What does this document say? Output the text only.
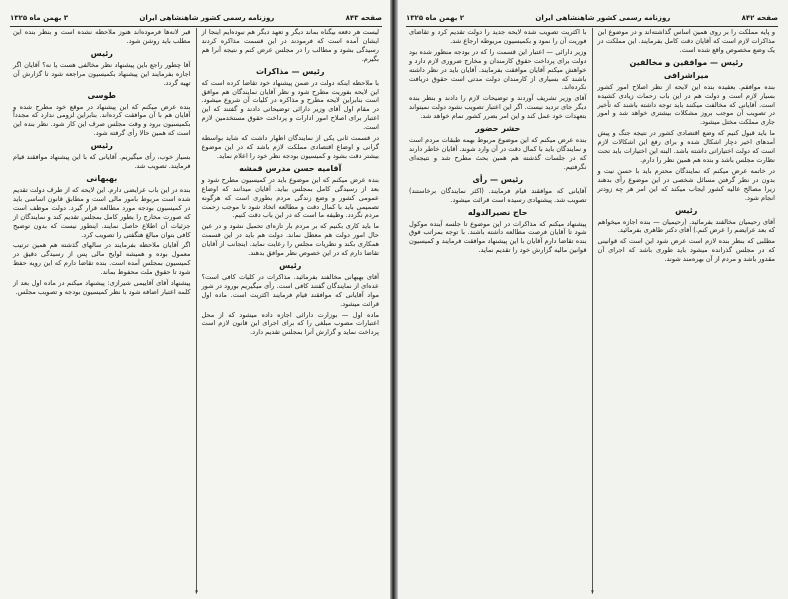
صفحه ۸۴۳
روزنامه رسمی کشور شاهنشاهی ایران
۳ بهمن ماه ۱۳۲۵

لیست هر دفعه بیگناه بماند دیگر و تعهد دیگر هم نبوده‌ایم اینجا از ایشان آمده است که فرمودند در این قسمت مذاکره کردند رسیدگی بشود و مطالب را در مجلس عرض کنم و نتیجه آنرا هم بگیرم.

رئیس — مذاکرات

با ملاحظه اینکه دولت در ضمن پیشنهاد خود تقاضا کرده است که این لایحه بفوریت مطرح شود و نظر آقایان نمایندگان هم موافق است بنابراین لایحه مطرح و مذاکره در کلیات آن شروع میشود. در مقام اول آقای وزیر دارائی توضیحاتی دادند و گفتند که این اعتبار برای اصلاح امور ادارات و پرداخت حقوق مستخدمین لازم است.

در قسمت ثانی یکی از نمایندگان اظهار داشت که شاید بواسطه گرانی و اوضاع اقتصادی مملکت لازم باشد که در این موضوع بیشتر دقت بشود و کمیسیون بودجه نظر خود را اعلام نماید.

آقامیه حسن مدرس قمشه

بنده عرض میکنم که این موضوع باید در کمیسیون مطرح شود و بعد از رسیدگی کامل بمجلس بیاید. آقایان میدانند که اوضاع عمومی کشور و وضع زندگی مردم بطوری است که هرگونه تصمیمی باید با کمال دقت و مطالعه اتخاذ شود تا موجب زحمت مردم نگردد. وظیفه ما است که در این باب دقت کنیم.

ما باید کاری بکنیم که بر مردم بار تازه‌ای تحمیل نشود و در عین حال امور دولت هم معطل نماند. دولت هم باید در این قسمت همکاری بکند و نظریات مجلس را رعایت نماید. اینجانب از آقایان تقاضا دارم که در این خصوص نظر موافق بدهند.

رئیس

آقای بهبهانی مخالفند بفرمائید. مذاکرات در کلیات کافی است؟ عده‌ای از نمایندگان گفتند کافی است. رأی میگیریم بورود در شور مواد آقایانی که موافقند قیام فرمایند اکثریت است. ماده اول قرائت میشود.

ماده اول — بوزارت دارائی اجازه داده میشود که از محل اعتبارات مصوب مبلغی را که برای اجرای این قانون لازم است پرداخت نماید و گزارش آنرا بمجلس تقدیم دارد.

قبر لانه‌ها فرموده‌اند هنوز ملاحظه نشده است و بنظر بنده این مطلب باید روشن شود.

رئیس

آقا چطور راجع باین پیشنهاد نظر مخالفی هست یا نه؟ آقایان اگر اجازه بفرمایند این پیشنهاد بکمیسیون مراجعه شود تا گزارش آن تهیه گردد.

طوسی

بنده عرض میکنم که این پیشنهاد در موقع خود مطرح شده و آقایان هم با آن موافقت کرده‌اند. بنابراین لزومی ندارد که مجدداً بکمیسیون برود و وقت مجلس صرف این کار شود. نظر بنده این است که همین حالا رأی گرفته شود.

رئیس

بسیار خوب، رأی میگیریم. آقایانی که با این پیشنهاد موافقند قیام فرمایند. تصویب شد.

بهبهانی

بنده در این باب عرایضی دارم. این لایحه که از طرف دولت تقدیم شده است مربوط بامور مالی است و مطابق قانون اساسی باید در کمیسیون بودجه مورد مطالعه قرار گیرد. دولت موظف است که صورت مخارج را بطور کامل بمجلس تقدیم کند و نمایندگان از جزئیات آن اطلاع حاصل نمایند. اینطور نیست که بدون توضیح کافی بتوان مبالغ هنگفتی را تصویب کرد.

اگر آقایان ملاحظه بفرمایند در سالهای گذشته هم همین ترتیب معمول بوده و همیشه لوایح مالی پس از رسیدگی دقیق در کمیسیون بمجلس آمده است. بنده تقاضا دارم که این رویه حفظ شود تا حقوق ملت محفوظ بماند.

پیشنهاد آقای آقاییمی شیرازی: پیشنهاد میکنم در ماده اول بعد از کلمه اعتبار اضافه شود با نظر کمیسیون بودجه و تصویب مجلس.

۳
صفحه ۸۴۲
روزنامه رسمی کشور شاهنشاهی ایران
۲ بهمن ماه ۱۳۲۵

و پایه مملکت را بر روی همین اساس گذاشته‌اند و در موضوع این مذاکرات لازم است که آقایان دقت کامل بفرمایند. این مملکت در یک وضع مخصوص واقع شده است.

رئیس — موافقین و مخالفین
میراشرافی

بنده موافقم. بعقیده بنده این لایحه از نظر اصلاح امور کشور بسیار لازم است و دولت هم در این باب زحمات زیادی کشیده است. آقایانی که مخالفت میکنند باید توجه داشته باشند که تأخیر در تصویب آن موجب بروز مشکلات بیشتری خواهد شد و امور جاری مملکت مختل میشود.

ما باید قبول کنیم که وضع اقتصادی کشور در نتیجه جنگ و پیش آمدهای اخیر دچار اشکال شده و برای رفع این اشکالات لازم است که دولت اختیاراتی داشته باشد. البته این اختیارات باید تحت نظارت مجلس باشد و بنده هم همین نظر را دارم.

در خاتمه عرض میکنم که نمایندگان محترم باید با حسن نیت و بدون در نظر گرفتن مسائل شخصی در این موضوع رأی بدهند زیرا مصالح عالیه کشور ایجاب میکند که این امر هر چه زودتر انجام شود.

رئیس

آقای رحیمیان مخالفند بفرمائید. (رحیمیان — بنده اجازه میخواهم که بعد عرایضم را عرض کنم.) آقای دکتر طاهری بفرمائید.

مطلبی که بنظر بنده لازم است عرض شود این است که قوانینی که در مجلس گذرانده میشود باید طوری باشد که اجرای آن مقدور باشد و مردم از آن بهره‌مند شوند.

با اکثریت تصویب شده لایحه جدید را دولت تقدیم کرد و تقاضای فوریت آن را نمود و بکمیسیون مربوطه ارجاع شد.

وزیر دارائی — اعتبار این قسمت را که در بودجه منظور شده بود دولت برای پرداخت حقوق کارمندان و مخارج ضروری لازم دارد و خواهش میکنم آقایان موافقت بفرمایند. آقایان باید در نظر داشته باشند که بسیاری از کارمندان دولت مدتی است حقوق دریافت نکرده‌اند.

آقای وزیر تشریف آوردند و توضیحات لازم را دادند و بنظر بنده دیگر جای تردید نیست. اگر این اعتبار تصویب نشود دولت نمیتواند بتعهدات خود عمل کند و این امر بضرر کشور تمام خواهد شد.

حشر حضور

بنده عرض میکنم که این موضوع مربوط بهمه طبقات مردم است و نمایندگان باید با کمال دقت در آن وارد شوند. آقایان خاطر دارند که در جلسات گذشته هم همین بحث مطرح شد و نتیجه‌ای نگرفتیم.

رئیس — رأی

آقایانی که موافقند قیام فرمایند. (اکثر نمایندگان برخاستند) تصویب شد. پیشنهادی رسیده است قرائت میشود.

حاج نصیرالدوله

پیشنهاد میکنم که مذاکرات در این موضوع تا جلسه آینده موکول شود تا آقایان فرصت مطالعه داشته باشند. با توجه بمراتب فوق بنده تقاضا دارم آقایان با این پیشنهاد موافقت فرمایند و کمیسیون قوانین مالیه گزارش خود را تقدیم نماید.

۲
